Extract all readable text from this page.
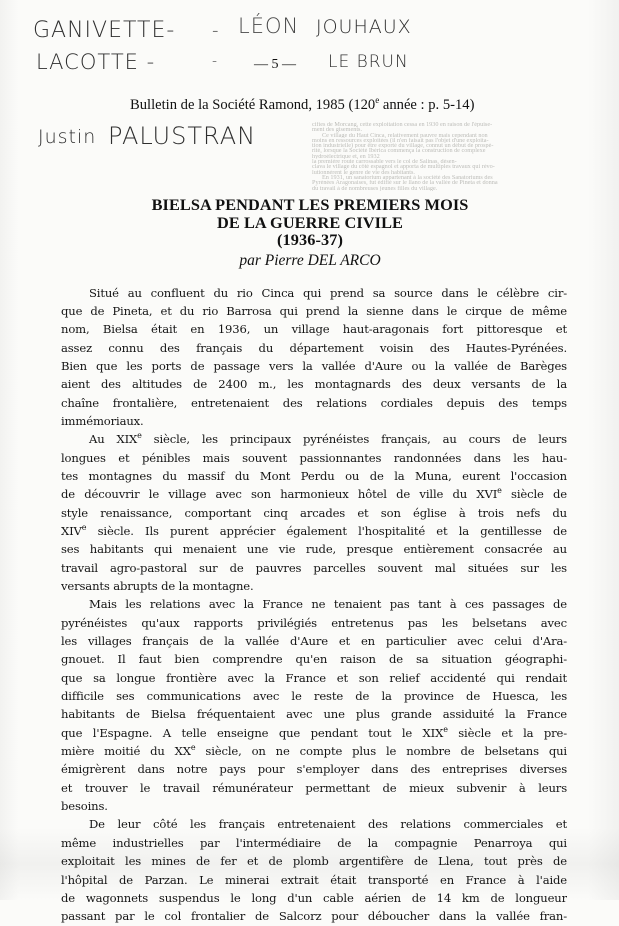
cifies de Morcang, cette exploitation cessa en 1930 en raison de l'épuise-
ment des gisements.
Ce village du Haut Cinca, relativement pauvre mais cependant non
moins en ressources exploitées (il n'en faisait pas l'objet d'une exploita-
tion industrielle) pour être exporté du village, connut un début de prospé-
rité, lorsque la Société Ibérica commença la construction de complexe
hydroélectrique et, en 1932
la première route carrossable vers le col de Salinas, désen-
clava le village du côté espagnol et apporta de multiples travaux qui révo-
lutionnèrent le genre de vie des habitants.
En 1931, un sanatorium appartenant à la société des Sanatoriums des
Pyrénées Aragonaises, fut édifié sur le llano de la vallée de Pineta et donna
du travail à de nombreuses jeunes filles du village.
GANIVETTE-
LACOTTE -
-
-
LÉON JOUHAUX
LE BRUN
Justin PALUSTRAN
— 5 —
Bulletin de la Société Ramond, 1985 (120e année : p. 5-14)
BIELSA PENDANT LES PREMIERS MOIS
DE LA GUERRE CIVILE
(1936-37)
par Pierre DEL ARCO
Situé au confluent du rio Cinca qui prend sa source dans le célèbre cir-
que de Pineta, et du rio Barrosa qui prend la sienne dans le cirque de même
nom, Bielsa était en 1936, un village haut-aragonais fort pittoresque et
assez connu des français du département voisin des Hautes-Pyrénées.
Bien que les ports de passage vers la vallée d'Aure ou la vallée de Barèges
aient des altitudes de 2400 m., les montagnards des deux versants de la
chaîne frontalière, entretenaient des relations cordiales depuis des temps
immémoriaux.
Au XIXe siècle, les principaux pyrénéistes français, au cours de leurs
longues et pénibles mais souvent passionnantes randonnées dans les hau-
tes montagnes du massif du Mont Perdu ou de la Muna, eurent l'occasion
de découvrir le village avec son harmonieux hôtel de ville du XVIe siècle de
style renaissance, comportant cinq arcades et son église à trois nefs du
XIVe siècle. Ils purent apprécier également l'hospitalité et la gentillesse de
ses habitants qui menaient une vie rude, presque entièrement consacrée au
travail agro-pastoral sur de pauvres parcelles souvent mal situées sur les
versants abrupts de la montagne.
Mais les relations avec la France ne tenaient pas tant à ces passages de
pyrénéistes qu'aux rapports privilégiés entretenus pas les belsetans avec
les villages français de la vallée d'Aure et en particulier avec celui d'Ara-
gnouet. Il faut bien comprendre qu'en raison de sa situation géographi-
que sa longue frontière avec la France et son relief accidenté qui rendait
difficile ses communications avec le reste de la province de Huesca, les
habitants de Bielsa fréquentaient avec une plus grande assiduité la France
que l'Espagne. A telle enseigne que pendant tout le XIXe siècle et la pre-
mière moitié du XXe siècle, on ne compte plus le nombre de belsetans qui
émigrèrent dans notre pays pour s'employer dans des entreprises diverses
et trouver le travail rémunérateur permettant de mieux subvenir à leurs
besoins.
De leur côté les français entretenaient des relations commerciales et
même industrielles par l'intermédiaire de la compagnie Penarroya qui
exploitait les mines de fer et de plomb argentifère de Llena, tout près de
l'hôpital de Parzan. Le minerai extrait était transporté en France à l'aide
de wagonnets suspendus le long d'un cable aérien de 14 km de longueur
passant par le col frontalier de Salcorz pour déboucher dans la vallée fran-
